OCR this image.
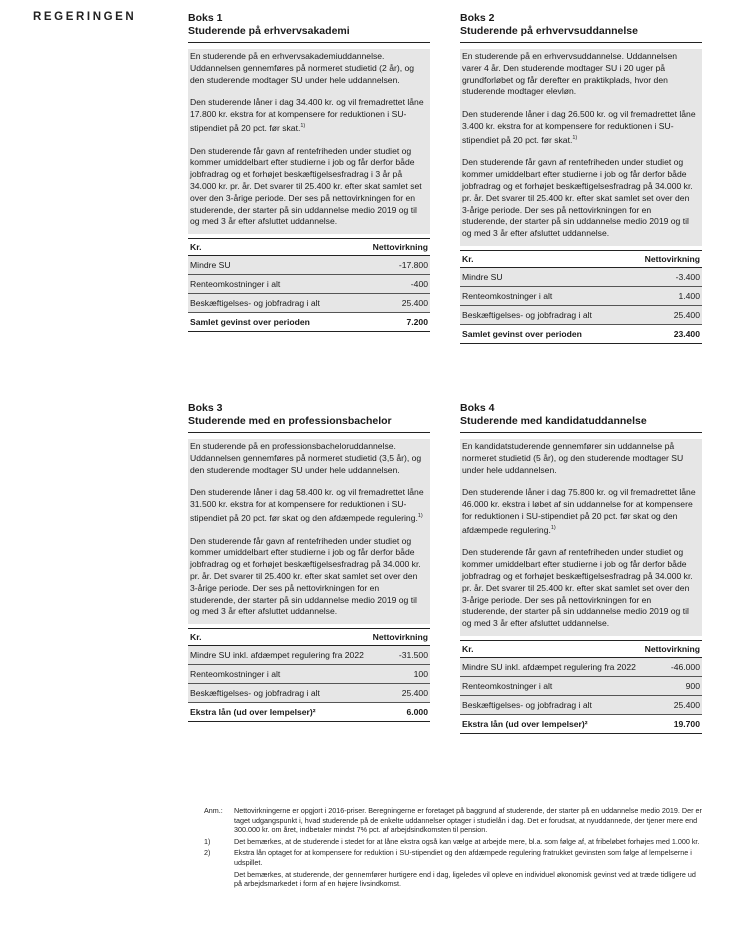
REGERINGEN	Boks 1
Studerende på erhvervsakademi

En studerende på en erhvervsakademiuddannelse. Uddannelsen gennemføres på normeret studietid (2 år), og den studerende modtager SU under hele uddannelsen.

Den studerende låner i dag 34.400 kr. og vil fremadrettet låne 17.800 kr. ekstra for at kompensere for reduktionen i SU-stipendiet på 20 pct. før skat.$^{1)}$

Den studerende får gavn af rentefriheden under studiet og kommer umiddelbart efter studierne i job og får derfor både jobfradrag og et forhøjet beskæftigelsesfradrag i 3 år på 34.000 kr. pr. år. Det svarer til 25.400 kr. efter skat samlet set over den 3-årige periode. Der ses på nettovirkningen for en studerende, der starter på sin uddannelse medio 2019 og til og med 3 år efter afsluttet uddannelse.

Kr.	Nettovirkning
Mindre SU	-17.800
Renteomkostninger i alt	-400
Beskæftigelses- og jobfradrag i alt	25.400
Samlet gevinst over perioden	7.200
Boks 2
Studerende på erhvervsuddannelse

En studerende på en erhvervsuddannelse. Uddannelsen varer 4 år. Den studerende modtager SU i 20 uger på grundforløbet og får derefter en praktikplads, hvor den studerende modtager elevløn.

Den studerende låner i dag 26.500 kr. og vil fremadrettet låne 3.400 kr. ekstra for at kompensere for reduktionen i SU-stipendiet på 20 pct. før skat.$^{1)}$

Den studerende får gavn af rentefriheden under studiet og kommer umiddelbart efter studierne i job og får derfor både jobfradrag og et forhøjet beskæftigelsesfradrag på 34.000 kr. pr. år. Det svarer til 25.400 kr. efter skat samlet set over den 3-årige periode. Der ses på nettovirkningen for en studerende, der starter på sin uddannelse medio 2019 og til og med 3 år efter afsluttet uddannelse.

Kr.	Nettovirkning
Mindre SU	-3.400
Renteomkostninger i alt	1.400
Beskæftigelses- og jobfradrag i alt	25.400
Samlet gevinst over perioden	23.400
Boks 3
Studerende med en professionsbachelor

En studerende på en professionsbacheloruddannelse. Uddannelsen gennemføres på normeret studietid (3,5 år), og den studerende modtager SU under hele uddannelsen.

Den studerende låner i dag 58.400 kr. og vil fremadrettet låne 31.500 kr. ekstra for at kompensere for reduktionen i SU-stipendiet på 20 pct. før skat og den afdæmpede regulering.$^{1)}$

Den studerende får gavn af rentefriheden under studiet og kommer umiddelbart efter studierne i job og får derfor både jobfradrag og et forhøjet beskæftigelsesfradrag på 34.000 kr. pr. år. Det svarer til 25.400 kr. efter skat samlet set over den 3-årige periode. Der ses på nettovirkningen for en studerende, der starter på sin uddannelse medio 2019 og til og med 3 år efter afsluttet uddannelse.

Kr.	Nettovirkning
Mindre SU inkl. afdæmpet regulering fra 2022	-31.500
Renteomkostninger i alt	100
Beskæftigelses- og jobfradrag i alt	25.400
Ekstra lån (ud over lempelser)²	6.000
Boks 4
Studerende med kandidatuddannelse

En kandidatstuderende gennemfører sin uddannelse på normeret studietid (5 år), og den studerende modtager SU under hele uddannelsen.

Den studerende låner i dag 75.800 kr. og vil fremadrettet låne 46.000 kr. ekstra i løbet af sin uddannelse for at kompensere for reduktionen i SU-stipendiet på 20 pct. før skat og den afdæmpede regulering.$^{1)}$

Den studerende får gavn af rentefriheden under studiet og kommer umiddelbart efter studierne i job og får derfor både jobfradrag og et forhøjet beskæftigelsesfradrag på 34.000 kr. pr. år. Det svarer til 25.400 kr. efter skat samlet set over den 3-årige periode. Der ses på nettovirkningen for en studerende, der starter på sin uddannelse medio 2019 og til og med 3 år efter afsluttet uddannelse.

Kr.	Nettovirkning
Mindre SU inkl. afdæmpet regulering fra 2022	-46.000
Renteomkostninger i alt	900
Beskæftigelses- og jobfradrag i alt	25.400
Ekstra lån (ud over lempelser)²	19.700
Anm.:	Nettovirkningerne er opgjort i 2016-priser. Beregningerne er foretaget på baggrund af studerende, der starter på en uddannelse medio 2019. Der er taget udgangspunkt i, hvad studerende på de enkelte uddannelser optager i studielån i dag. Det er forudsat, at nyuddannede, der tjener mere end 300.000 kr. om året, indbetaler mindst 7% pct. af arbejdsindkomsten til pension.
1)	Det bemærkes, at de studerende i stedet for at låne ekstra også kan vælge at arbejde mere, bl.a. som følge af, at fribeløbet forhøjes med 1.000 kr.
2)	Ekstra lån optaget for at kompensere for reduktion i SU-stipendiet og den afdæmpede regulering fratrukket gevinsten som følge af lempelserne i udspillet.
Det bemærkes, at studerende, der gennemfører hurtigere end i dag, ligeledes vil opleve en individuel økonomisk gevinst ved at træde tidligere ud på arbejdsmarkedet i form af en højere livsindkomst.
